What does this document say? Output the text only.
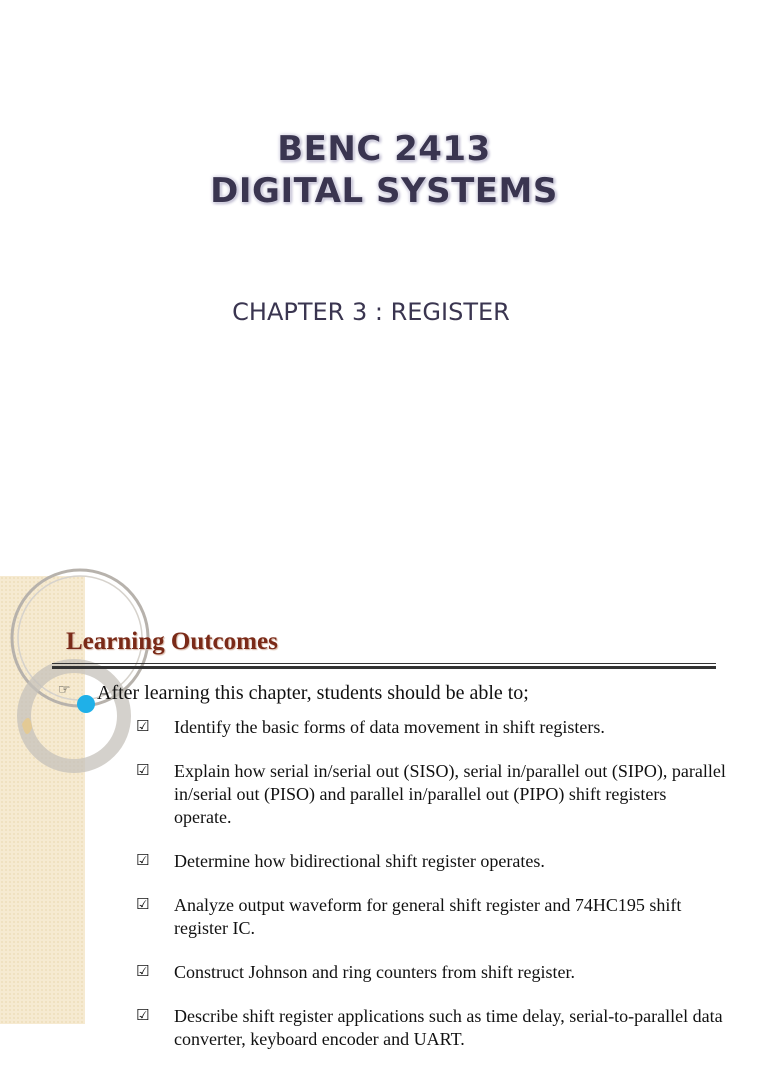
BENC 2413
DIGITAL SYSTEMS
CHAPTER 3 : REGISTER
Learning Outcomes
☞ After learning this chapter, students should be able to;
☑ Identify the basic forms of data movement in shift registers.
☑ Explain how serial in/serial out (SISO), serial in/parallel out (SIPO), parallel in/serial out (PISO) and parallel in/parallel out (PIPO) shift registers operate.
☑ Determine how bidirectional shift register operates.
☑ Analyze output waveform for general shift register and 74HC195 shift register IC.
☑ Construct Johnson and ring counters from shift register.
☑ Describe shift register applications such as time delay, serial-to-parallel data converter, keyboard encoder and UART.
